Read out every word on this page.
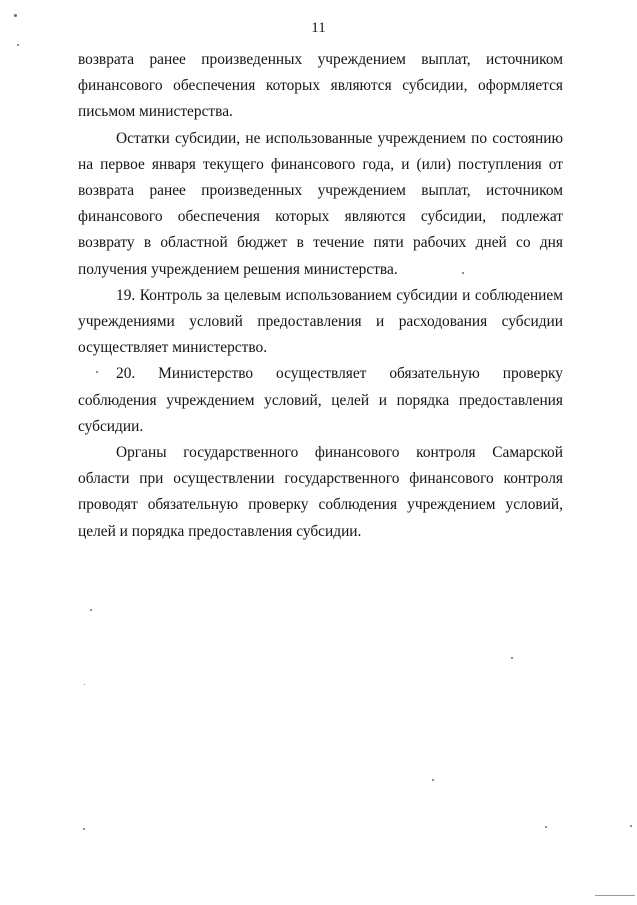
11

возврата ранее произведенных учреждением выплат, источником финансового обеспечения которых являются субсидии, оформляется письмом министерства.

Остатки субсидии, не использованные учреждением по состоянию на первое января текущего финансового года, и (или) поступления от возврата ранее произведенных учреждением выплат, источником финансового обеспечения которых являются субсидии, подлежат возврату в областной бюджет в течение пяти рабочих дней со дня получения учреждением решения министерства.

19. Контроль за целевым использованием субсидии и соблюдением учреждениями условий предоставления и расходования субсидии осуществляет министерство.

20. Министерство осуществляет обязательную проверку соблюдения учреждением условий, целей и порядка предоставления субсидии.

Органы государственного финансового контроля Самарской области при осуществлении государственного финансового контроля проводят обязательную проверку соблюдения учреждением условий, целей и порядка предоставления субсидии.
